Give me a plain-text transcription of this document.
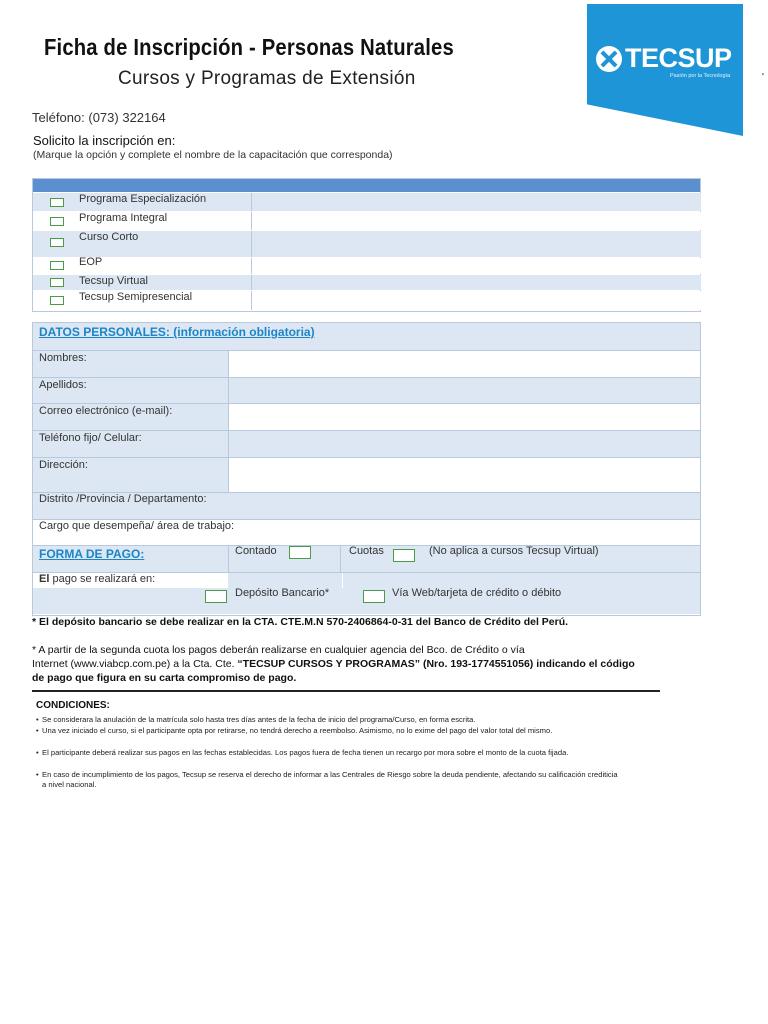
Ficha de Inscripción - Personas Naturales
Cursos y Programas de Extensión
Teléfono: (073) 322164
TECSUP
Pasión por la Tecnología	'
Solicito la inscripción en:
(Marque la opción y complete el nombre de la capacitación que corresponda)
Programa Especialización
Programa Integral
Curso Corto
EOP
Tecsup Virtual
Tecsup Semipresencial
DATOS PERSONALES: (información obligatoria)
Nombres:
Apellidos:
Correo electrónico (e-mail):
Teléfono fijo/ Celular:
Dirección:
Distrito /Provincia / Departamento:
Cargo que desempeña/ área de trabajo:
FORMA DE PAGO:	Contado	Cuotas	(No aplica a cursos Tecsup Virtual)
El pago se realizará en:
Depósito Bancario*	Vía Web/tarjeta de crédito o débito
* El depósito bancario se debe realizar en la CTA. CTE.M.N 570-2406864-0-31 del Banco de Crédito del Perú.
* A partir de la segunda cuota los pagos deberán realizarse en cualquier agencia del Bco. de Crédito o vía
Internet (www.viabcp.com.pe) a la Cta. Cte. “TECSUP CURSOS Y PROGRAMAS” (Nro. 193-1774551056) indicando el código
de pago que figura en su carta compromiso de pago.
CONDICIONES:
• Se considerara la anulación de la matrícula solo hasta tres días antes de la fecha de inicio del programa/Curso, en forma escrita.
• Una vez iniciado el curso, si el participante opta por retirarse, no tendrá derecho a reembolso. Asimismo, no lo exime del pago del valor total del mismo.
• El participante deberá realizar sus pagos en las fechas establecidas. Los pagos fuera de fecha tienen un recargo por mora sobre el monto de la cuota fijada.
• En caso de incumplimiento de los pagos, Tecsup se reserva el derecho de informar a las Centrales de Riesgo sobre la deuda pendiente, afectando su calificación crediticia a nivel nacional.
